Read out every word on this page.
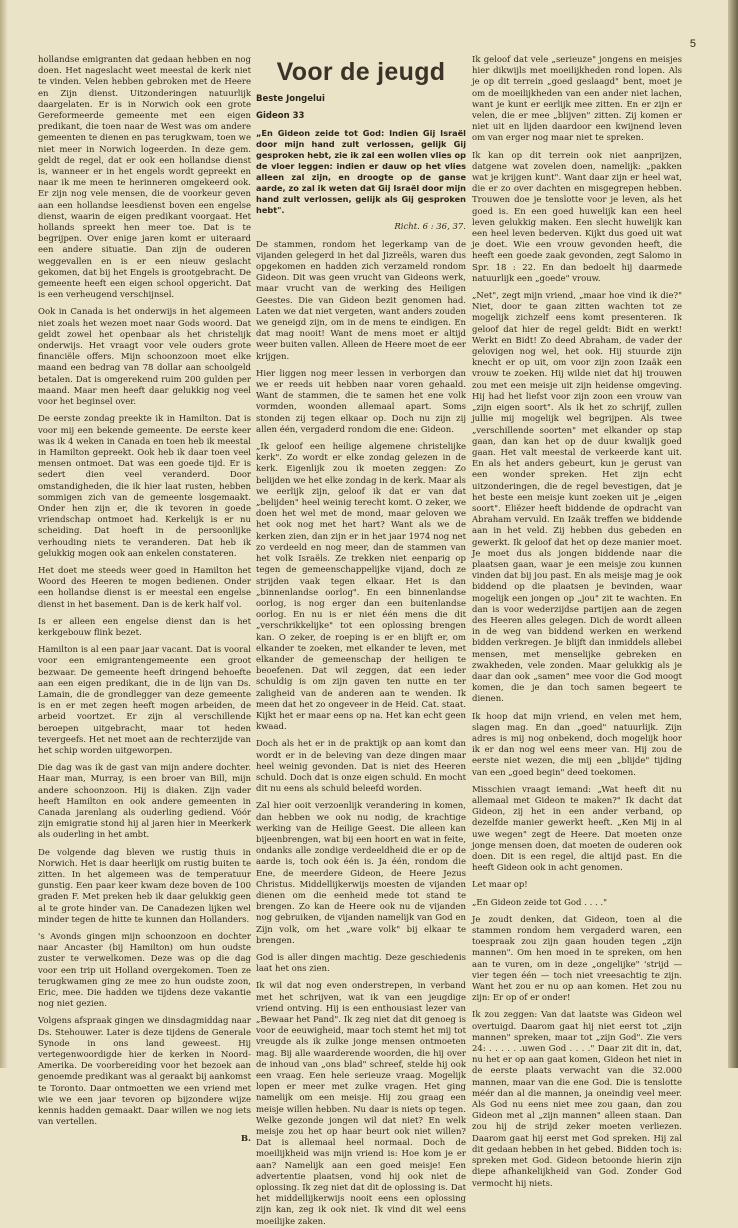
5

hollandse emigranten dat gedaan hebben en nog doen. Het nageslacht weet meestal de kerk niet te vinden. Velen hebben gebroken met de Heere en Zijn dienst. Uitzonderingen natuurlijk daargelaten. Er is in Norwich ook een grote Gereformeerde gemeente met een eigen predikant, die toen naar de West was om andere gemeenten te dienen en pas terugkwam, toen we niet meer in Norwich logeerden. In deze gem. geldt de regel, dat er ook een hollandse dienst is, wanneer er in het engels wordt gepreekt en naar ik me meen te herinneren omgekeerd ook. Er zijn nog vele mensen, die de voorkeur geven aan een hollandse leesdienst boven een engelse dienst, waarin de eigen predikant voorgaat. Het hollands spreekt hen meer toe. Dat is te begrijpen. Over enige jaren komt er uiteraard een andere situatie. Dan zijn de ouderen weggevallen en is er een nieuw geslacht gekomen, dat bij het Engels is grootgebracht. De gemeente heeft een eigen school opgericht. Dat is een verheugend verschijnsel.

Ook in Canada is het onderwijs in het algemeen niet zoals het wezen moet naar Gods woord. Dat geldt zowel het openbaar als het christelijk onderwijs. Het vraagt voor vele ouders grote financiële offers. Mijn schoonzoon moet elke maand een bedrag van 78 dollar aan schoolgeld betalen. Dat is omgerekend ruim 200 gulden per maand. Maar men heeft daar gelukkig nog veel voor het beginsel over.

De eerste zondag preekte ik in Hamilton. Dat is voor mij een bekende gemeente. De eerste keer was ik 4 weken in Canada en toen heb ik meestal in Hamilton gepreekt. Ook heb ik daar toen veel mensen ontmoet. Dat was een goede tijd. Er is sedert dien veel veranderd. Door omstandigheden, die ik hier laat rusten, hebben sommigen zich van de gemeente losgemaakt. Onder hen zijn er, die ik tevoren in goede vriendschap ontmoet had. Kerkelijk is er nu scheiding. Dat hoeft in de persoonlijke verhouding niets te veranderen. Dat heb ik gelukkig mogen ook aan enkelen constateren.

Het doet me steeds weer goed in Hamilton het Woord des Heeren te mogen bedienen. Onder een hollandse dienst is er meestal een engelse dienst in het basement. Dan is de kerk half vol.

Is er alleen een engelse dienst dan is het kerkgebouw flink bezet.

Hamilton is al een paar jaar vacant. Dat is vooral voor een emigrantengemeente een groot bezwaar. De gemeente heeft dringend behoefte aan een eigen predikant, die in de lijn van Ds. Lamain, die de grondlegger van deze gemeente is en er met zegen heeft mogen arbeiden, de arbeid voortzet. Er zijn al verschillende beroepen uitgebracht, maar tot heden tevergeefs. Het net moet aan de rechterzijde van het schip worden uitgeworpen.

Die dag was ik de gast van mijn andere dochter. Haar man, Murray, is een broer van Bill, mijn andere schoonzoon. Hij is diaken. Zijn vader heeft Hamilton en ook andere gemeenten in Canada jarenlang als ouderling gediend. Vóór zijn emigratie stond hij al jaren hier in Meerkerk als ouderling in het ambt.

De volgende dag bleven we rustig thuis in Norwich. Het is daar heerlijk om rustig buiten te zitten. In het algemeen was de temperatuur gunstig. Een paar keer kwam deze boven de 100 graden F. Met preken heb ik daar gelukkig geen al te grote hinder van. De Canadezen lijken wel minder tegen de hitte te kunnen dan Hollanders.

's Avonds gingen mijn schoonzoon en dochter naar Ancaster (bij Hamilton) om hun oudste zuster te verwelkomen. Deze was op die dag voor een trip uit Holland overgekomen. Toen ze terugkwamen ging ze mee zo hun oudste zoon, Eric, mee. Die hadden we tijdens deze vakantie nog niet gezien.

Volgens afspraak gingen we dinsdagmiddag naar Ds. Stehouwer. Later is deze tijdens de Generale Synode in ons land geweest. Hij vertegenwoordigde hier de kerken in Noord-Amerika. De voorbereiding voor het bezoek aan genoemde predikant was al geraakt bij aankomst te Toronto. Daar ontmoetten we een vriend met wie we een jaar tevoren op bijzondere wijze kennis hadden gemaakt. Daar willen we nog iets van vertellen.

B.

Voor de jeugd

Beste Jongelui

Gideon 33

„En Gideon zeide tot God: Indien Gij Israël door mijn hand zult verlossen, gelijk Gij gesproken hebt, zie ik zal een wollen vlies op de vloer leggen: indien er dauw op het vlies alleen zal zijn, en droogte op de ganse aarde, zo zal ik weten dat Gij Israël door mijn hand zult verlossen, gelijk als Gij gesproken hebt".

Richt. 6 : 36, 37.

De stammen, rondom het legerkamp van de vijanden gelegerd in het dal Jizreëls, waren dus opgekomen en hadden zich verzameld rondom Gideon. Dit was geen vrucht van Gideons werk, maar vrucht van de werking des Heiligen Geestes. Die van Gideon bezit genomen had. Laten we dat niet vergeten, want anders zouden we geneigd zijn, om in de mens te eindigen. En dat mag nooit! Want de mens moet er altijd weer buiten vallen. Alleen de Heere moet de eer krijgen.

Hier liggen nog meer lessen in verborgen dan we er reeds uit hebben naar voren gehaald. Want de stammen, die te samen het ene volk vormden, woonden allemaal apart. Soms stonden zij tegen elkaar op. Doch nu zijn zij allen één, vergaderd rondom die ene: Gideon.

„Ik geloof een heilige algemene christelijke kerk". Zo wordt er elke zondag gelezen in de kerk. Eigenlijk zou ik moeten zeggen: Zo belijden we het elke zondag in de kerk. Maar als we eerlijk zijn, geloof ik dat er van dat „belijden" heel weinig terecht komt. O zeker, we doen het wel met de mond, maar geloven we het ook nog met het hart? Want als we de kerken zien, dan zijn er in het jaar 1974 nog net zo verdeeld en nog meer, dan de stammen van het volk Israëls. Ze trekken niet eenparig op tegen de gemeenschappelijke vijand, doch ze strijden vaak tegen elkaar. Het is dan „binnenlandse oorlog". En een binnenlandse oorlog, is nog erger dan een buitenlandse oorlog. En nu is er niet één mens die dit „verschrikkelijke" tot een oplossing brengen kan. O zeker, de roeping is er en blijft er, om elkander te zoeken, met elkander te leven, met elkander de gemeenschap der heiligen te beoefenen. Dat wil zeggen, dat een ieder schuldig is om zijn gaven ten nutte en ter zaligheid van de anderen aan te wenden. Ik meen dat het zo ongeveer in de Heid. Cat. staat. Kijkt het er maar eens op na. Het kan echt geen kwaad.

Doch als het er in de praktijk op aan komt dan wordt er in de beleving van deze dingen maar heel weinig gevonden. Dat is niet des Heeren schuld. Doch dat is onze eigen schuld. En mocht dit nu eens als schuld beleefd worden.

Zal hier ooit verzoenlijk verandering in komen, dan hebben we ook nu nodig, de krachtige werking van de Heilige Geest. Die alleen kan bijeenbrengen, wat bij een hoort en wat in feite, ondanks alle zondige verdeeldheid die er op de aarde is, toch ook één is. Ja één, rondom die Ene, de meerdere Gideon, de Heere Jezus Christus. Middellijkerwijs moesten de vijanden dienen om die eenheid mede tot stand te brengen. Zo kan de Heere ook nu de vijanden nog gebruiken, de vijanden namelijk van God en Zijn volk, om het „ware volk" bij elkaar te brengen.

God is aller dingen machtig. Deze geschiedenis laat het ons zien.

Ik wil dat nog even onderstrepen, in verband met het schrijven, wat ik van een jeugdige vriend ontving. Hij is een enthousiast lezer van „Bewaar het Pand". Ik zeg niet dat dit genoeg is voor de eeuwigheid, maar toch stemt het mij tot vreugde als ik zulke jonge mensen ontmoeten mag. Bij alle waarderende woorden, die hij over de inhoud van „ons blad" schreef, stelde hij ook een vraag. Een hele serieuze vraag. Mogelijk lopen er meer met zulke vragen. Het ging namelijk om een meisje. Hij zou graag een meisje willen hebben. Nu daar is niets op tegen. Welke gezonde jongen wil dat niet? En welk meisje zou het op haar beurt ook niet willen? Dat is allemaal heel normaal. Doch de moeilijkheid was mijn vriend is: Hoe kom je er aan? Namelijk aan een goed meisje! Een advertentie plaatsen, vond hij ook niet de oplossing. Ik zeg niet dat dit de oplossing is. Dat het middellijkerwijs nooit eens een oplossing zijn kan, zeg ik ook niet. Ik vind dit wel eens moeilijke zaken.

Ik geloof dat vele „serieuze" jongens en meisjes hier dikwijls met moeilijkheden rond lopen. Als je op dit terrein „goed geslaagd" bent, moet je om de moeilijkheden van een ander niet lachen, want je kunt er eerlijk mee zitten. En er zijn er velen, die er mee „blijven" zitten. Zij komen er niet uit en lijden daardoor een kwijnend leven om van erger nog maar niet te spreken.

Ik kan op dit terrein ook niet aanprijzen, datgene wat zovelen doen, namelijk: „pakken wat je krijgen kunt". Want daar zijn er heel wat, die er zo over dachten en misgegrepen hebben. Trouwen doe je tenslotte voor je leven, als het goed is. En een goed huwelijk kan een heel leven gelukkig maken. Een slecht huwelijk kan een heel leven bederven. Kijkt dus goed uit wat je doet. Wie een vrouw gevonden heeft, die heeft een goede zaak gevonden, zegt Salomo in Spr. 18 : 22. En dan bedoelt hij daarmede natuurlijk een „goede" vrouw.

„Net", zegt mijn vriend, „maar hoe vind ik die?" Niet, door te gaan zitten wachten tot ze mogelijk zichzelf eens komt presenteren. Ik geloof dat hier de regel geldt: Bidt en werkt! Werkt en Bidt! Zo deed Abraham, de vader der gelovigen nog wel, het ook. Hij stuurde zijn knecht er op uit, om voor zijn zoon Izaäk een vrouw te zoeken. Hij wilde niet dat hij trouwen zou met een meisje uit zijn heidense omgeving. Hij had het liefst voor zijn zoon een vrouw van „zijn eigen soort". Als ik het zo schrijf, zullen jullie mij mogelijk wel begrijpen. Als twee „verschillende soorten" met elkander op stap gaan, dan kan het op de duur kwalijk goed gaan. Het valt meestal de verkeerde kant uit. En als het anders gebeurt, kun je gerust van een wonder spreken. Het zijn echt uitzonderingen, die de regel bevestigen, dat je het beste een meisje kunt zoeken uit je „eigen soort". Eliëzer heeft biddende de opdracht van Abraham vervuld. En Izaäk treffen we biddende aan in het veld. Zij hebben dus gebeden en gewerkt. Ik geloof dat het op deze manier moet. Je moet dus als jongen biddende naar die plaatsen gaan, waar je een meisje zou kunnen vinden dat bij jou past. En als meisje mag je ook biddend op die plaatsen je bevinden, waar mogelijk een jongen op „jou" zit te wachten. En dan is voor wederzijdse partijen aan de zegen des Heeren alles gelegen. Dich de wordt alleen in de weg van biddend werken en werkend bidden verkregen. Je blijft dan inmiddels allebei mensen, met menselijke gebreken en zwakheden, vele zonden. Maar gelukkig als je daar dan ook „samen" mee voor die God moogt komen, die je dan toch samen begeert te dienen.

Ik hoop dat mijn vriend, en velen met hem, slagen mag. En dan „goed" natuurlijk. Zijn adres is mij nog onbekend, doch mogelijk hoor ik er dan nog wel eens meer van. Hij zou de eerste niet wezen, die mij een „blijde" tijding van een „goed begin" deed toekomen.

Misschien vraagt iemand: „Wat heeft dit nu allemaal met Gideon te maken?" Ik dacht dat Gideon, zij het in een ander verband, op dezelfde manier gewerkt heeft. „Ken Mij in al uwe wegen" zegt de Heere. Dat moeten onze jonge mensen doen, dat moeten de ouderen ook doen. Dit is een regel, die altijd past. En die heeft Gideon ook in acht genomen.

Let maar op!

„En Gideon zeide tot God . . . ."

Je zoudt denken, dat Gideon, toen al die stammen rondom hem vergaderd waren, een toespraak zou zijn gaan houden tegen „zijn mannen". Om hen moed in te spreken, om hen aan te vuren, om in deze „ongelijke" 'strijd — vier tegen één — toch niet vreesachtig te zijn. Want het zou er nu op aan komen. Het zou nu zijn: Er op of er onder!

Ik zou zeggen: Van dat laatste was Gideon wel overtuigd. Daarom gaat hij niet eerst tot „zijn mannen" spreken, maar tot „zijn God". Zie vers 24: . . . . . .uwen God . . . ." Daar zit dit in, dat, nu het er op aan gaat komen, Gideon het niet in de eerste plaats verwacht van die 32.000 mannen, maar van die ene God. Die is tenslotte méér dan al die mannen, ja oneindig veel meer. Als God nu eens niet mee zou gaan, dan zou Gideon met al „zijn mannen" alleen staan. Dan zou hij de strijd zeker moeten verliezen. Daarom gaat hij eerst met God spreken. Hij zal dit gedaan hebben in het gebed. Bidden toch is: spreken met God. Gideon betoonde hierin zijn diepe afhankelijkheid van God. Zonder God vermocht hij niets.
